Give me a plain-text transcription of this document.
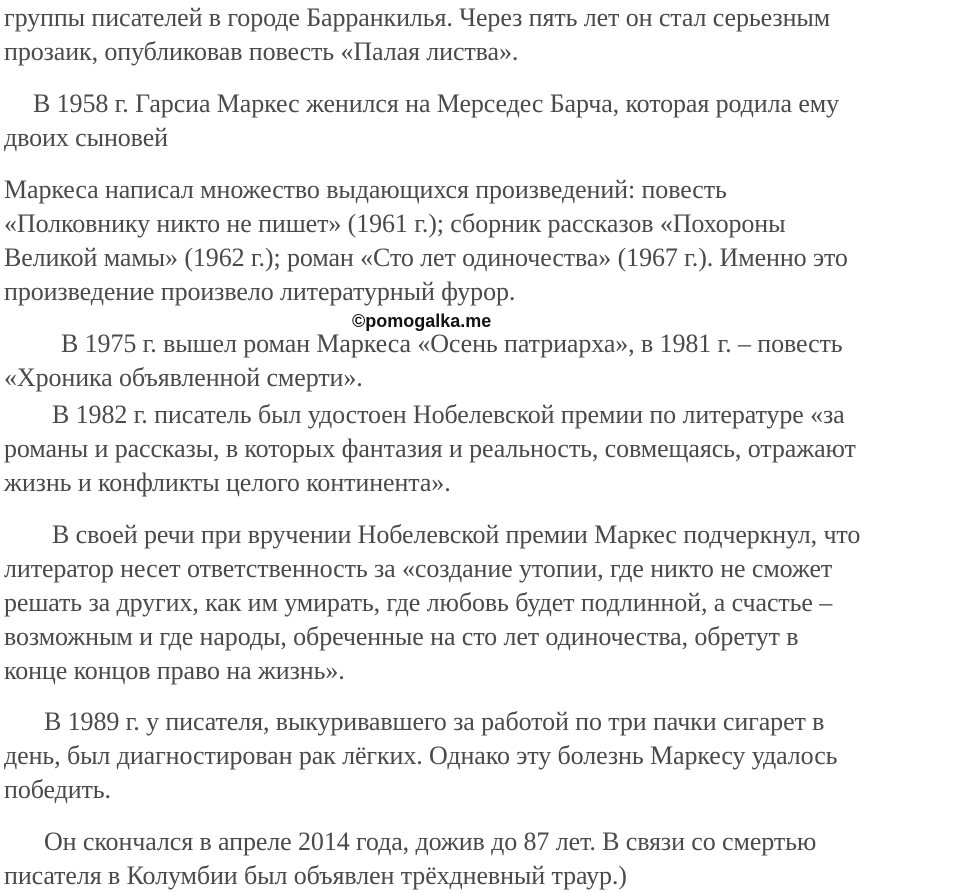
группы писателей в городе Барранкилья. Через пять лет он стал серьезным

прозаик, опубликовав повесть «Палая листва».

В 1958 г. Гарсиа Маркес женился на Мерседес Барча, которая родила ему

двоих сыновей

Маркеса написал множество выдающихся произведений: повесть

«Полковнику никто не пишет» (1961 г.); сборник рассказов «Похороны

Великой мамы» (1962 г.); роман «Сто лет одиночества» (1967 г.). Именно это

произведение произвело литературный фурор.

©pomogalka.me

В 1975 г. вышел роман Маркеса «Осень патриарха», в 1981 г. – повесть

«Хроника объявленной смерти».

В 1982 г. писатель был удостоен Нобелевской премии по литературе «за

романы и рассказы, в которых фантазия и реальность, совмещаясь, отражают

жизнь и конфликты целого континента».

В своей речи при вручении Нобелевской премии Маркес подчеркнул, что

литератор несет ответственность за «создание утопии, где никто не сможет

решать за других, как им умирать, где любовь будет подлинной, а счастье –

возможным и где народы, обреченные на сто лет одиночества, обретут в

конце концов право на жизнь».

В 1989 г. у писателя, выкуривавшего за работой по три пачки сигарет в

день, был диагностирован рак лёгких. Однако эту болезнь Маркесу удалось

победить.

Он скончался в апреле 2014 года, дожив до 87 лет. В связи со смертью

писателя в Колумбии был объявлен трёхдневный траур.)
